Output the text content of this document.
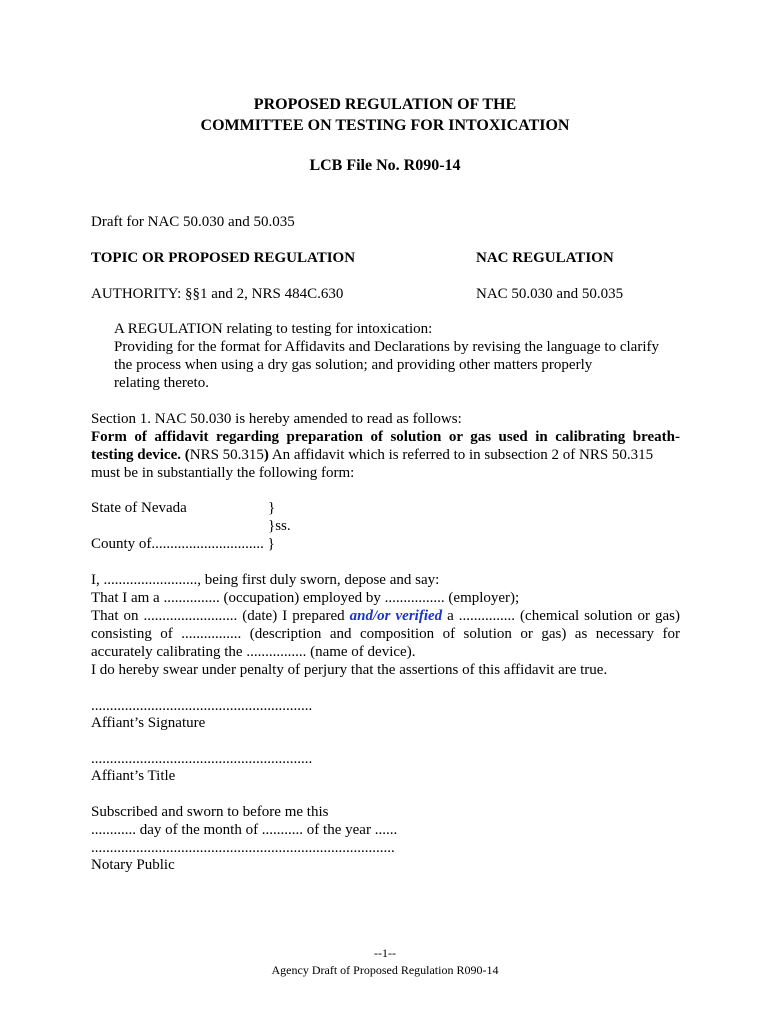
PROPOSED REGULATION OF THE
COMMITTEE ON TESTING FOR INTOXICATION
LCB File No. R090-14
Draft for NAC 50.030 and 50.035
TOPIC OR PROPOSED REGULATION	NAC REGULATION
AUTHORITY: §§1 and 2, NRS 484C.630	NAC 50.030 and 50.035
A REGULATION relating to testing for intoxication:
Providing for the format for Affidavits and Declarations by revising the language to clarify
the process when using a dry gas solution; and providing other matters properly
relating thereto.
Section 1. NAC 50.030 is hereby amended to read as follows:
Form of affidavit regarding preparation of solution or gas used in calibrating breath-
testing device. (NRS 50.315) An affidavit which is referred to in subsection 2 of NRS 50.315
must be in substantially the following form:
State of Nevada	}
}ss.
County of.............................. }
I, ........................., being first duly sworn, depose and say:
That I am a ............... (occupation) employed by ................ (employer);
That on ......................... (date) I prepared and/or verified a ............... (chemical solution or gas)
consisting of ................ (description and composition of solution or gas) as necessary for
accurately calibrating the ................ (name of device).
I do hereby swear under penalty of perjury that the assertions of this affidavit are true.
...........................................................
Affiant’s Signature
...........................................................
Affiant’s Title
Subscribed and sworn to before me this
............ day of the month of ........... of the year ......
.................................................................................
Notary Public
--1--
Agency Draft of Proposed Regulation R090-14
